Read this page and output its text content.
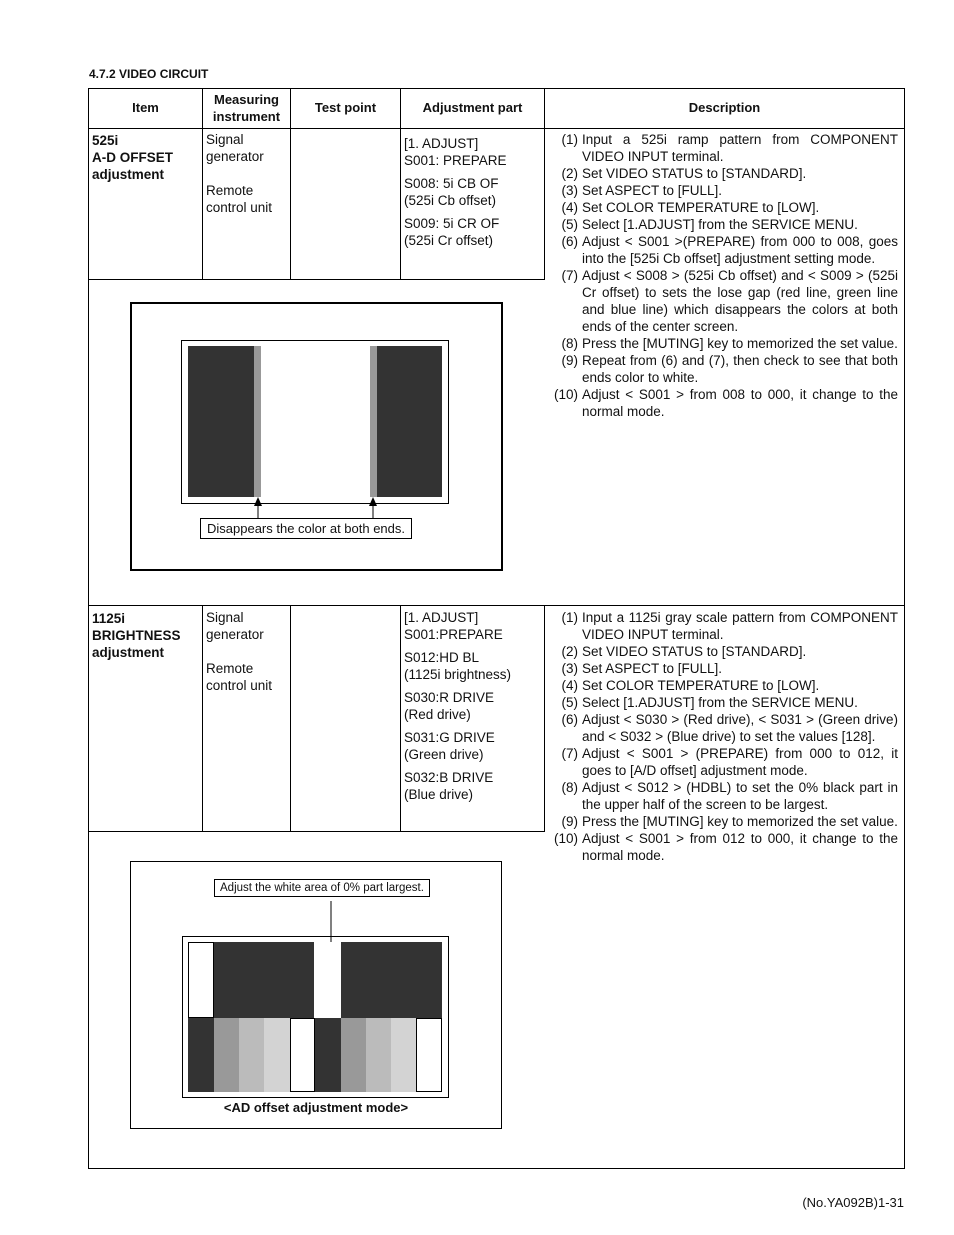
4.7.2 VIDEO CIRCUIT
Item
Measuring
instrument
Test point	Adjustment part	Description
525i
A-D OFFSET
adjustment
Signal
generator
Remote
control unit
[1. ADJUST]
S001: PREPARE
S008: 5i CB OF
(525i Cb offset)
S009: 5i CR OF
(525i Cr offset)
(1) Input a 525i ramp pattern from COMPONENT VIDEO INPUT terminal.
(2) Set VIDEO STATUS to [STANDARD].
(3) Set ASPECT to [FULL].
(4) Set COLOR TEMPERATURE to [LOW].
(5) Select [1.ADJUST] from the SERVICE MENU.
(6) Adjust < S001 >(PREPARE) from 000 to 008, goes into the [525i Cb offset] adjustment setting mode.
(7) Adjust < S008 > (525i Cb offset) and < S009 > (525i Cr offset) to sets the lose gap (red line, green line and blue line) which disappears the colors at both ends of the center screen.
(8) Press the [MUTING] key to memorized the set value.
(9) Repeat from (6) and (7), then check to see that both ends color to white.
(10) Adjust < S001 > from 008 to 000, it change to the normal mode.
1125i
BRIGHTNESS
adjustment
Signal
generator
Remote
control unit
[1. ADJUST]
S001:PREPARE
S012:HD BL
(1125i brightness)
S030:R DRIVE
(Red drive)
S031:G DRIVE
(Green drive)
S032:B DRIVE
(Blue drive)
(1) Input a 1125i gray scale pattern from COMPONENT VIDEO INPUT terminal.
(2) Set VIDEO STATUS to [STANDARD].
(3) Set ASPECT to [FULL].
(4) Set COLOR TEMPERATURE to [LOW].
(5) Select [1.ADJUST] from the SERVICE MENU.
(6) Adjust < S030 > (Red drive), < S031 > (Green drive) and < S032 > (Blue drive) to set the values [128].
(7) Adjust < S001 > (PREPARE) from 000 to 012, it goes to [A/D offset] adjustment mode.
(8) Adjust < S012 > (HDBL) to set the 0% black part in the upper half of the screen to be largest.
(9) Press the [MUTING] key to memorized the set value.
(10) Adjust < S001 > from 012 to 000, it change to the normal mode.
Disappears the color at both ends.
Adjust the white area of 0% part largest.
<AD offset adjustment mode>
(No.YA092B)1-31
